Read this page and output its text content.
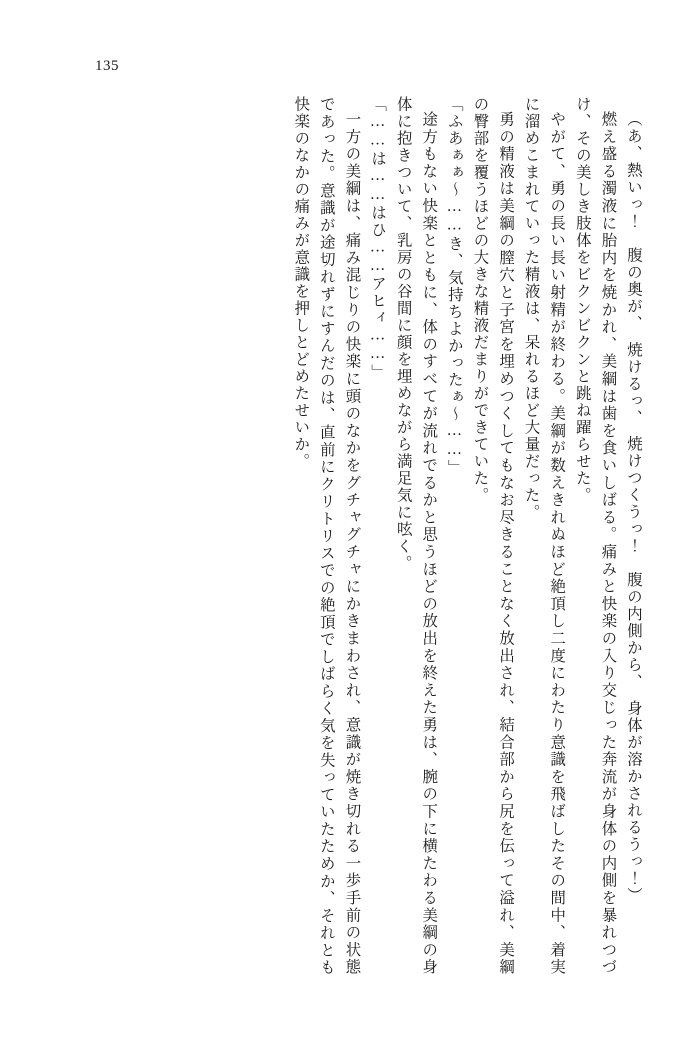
135

（あ、熱いっ！　腹の奥が、　焼けるっ、　焼けつくうっ！　腹の内側から、　身体が溶かされるうっ！）

燃え盛る濁液に胎内を焼かれ、美綱は歯を食いしばる。痛みと快楽の入り交じった奔流が身体の内側を暴れつづけ、その美しき肢体をビクンビクンと跳ね躍らせた。

やがて、勇の長い長い射精が終わる。美綱が数えきれぬほど絶頂し二度にわたり意識を飛ばしたその間中、着実に溜めこまれていった精液は、呆れるほど大量だった。

勇の精液は美綱の膣穴と子宮を埋めつくしてもなお尽きることなく放出され、結合部から尻を伝って溢れ、美綱の臀部を覆うほどの大きな精液だまりができていた。

「ふあぁぁ～……き、気持ちよかったぁ～……」

途方もない快楽とともに、体のすべてが流れでるかと思うほどの放出を終えた勇は、腕の下に横たわる美綱の身体に抱きついて、乳房の谷間に顔を埋めながら満足気に呟く。

「……は……はひ……アヒィ……」

一方の美綱は、痛み混じりの快楽に頭のなかをグチャグチャにかきまわされ、意識が焼き切れる一歩手前の状態であった。意識が途切れずにすんだのは、直前にクリトリスでの絶頂でしばらく気を失っていたためか、それとも快楽のなかの痛みが意識を押しとどめたせいか。
